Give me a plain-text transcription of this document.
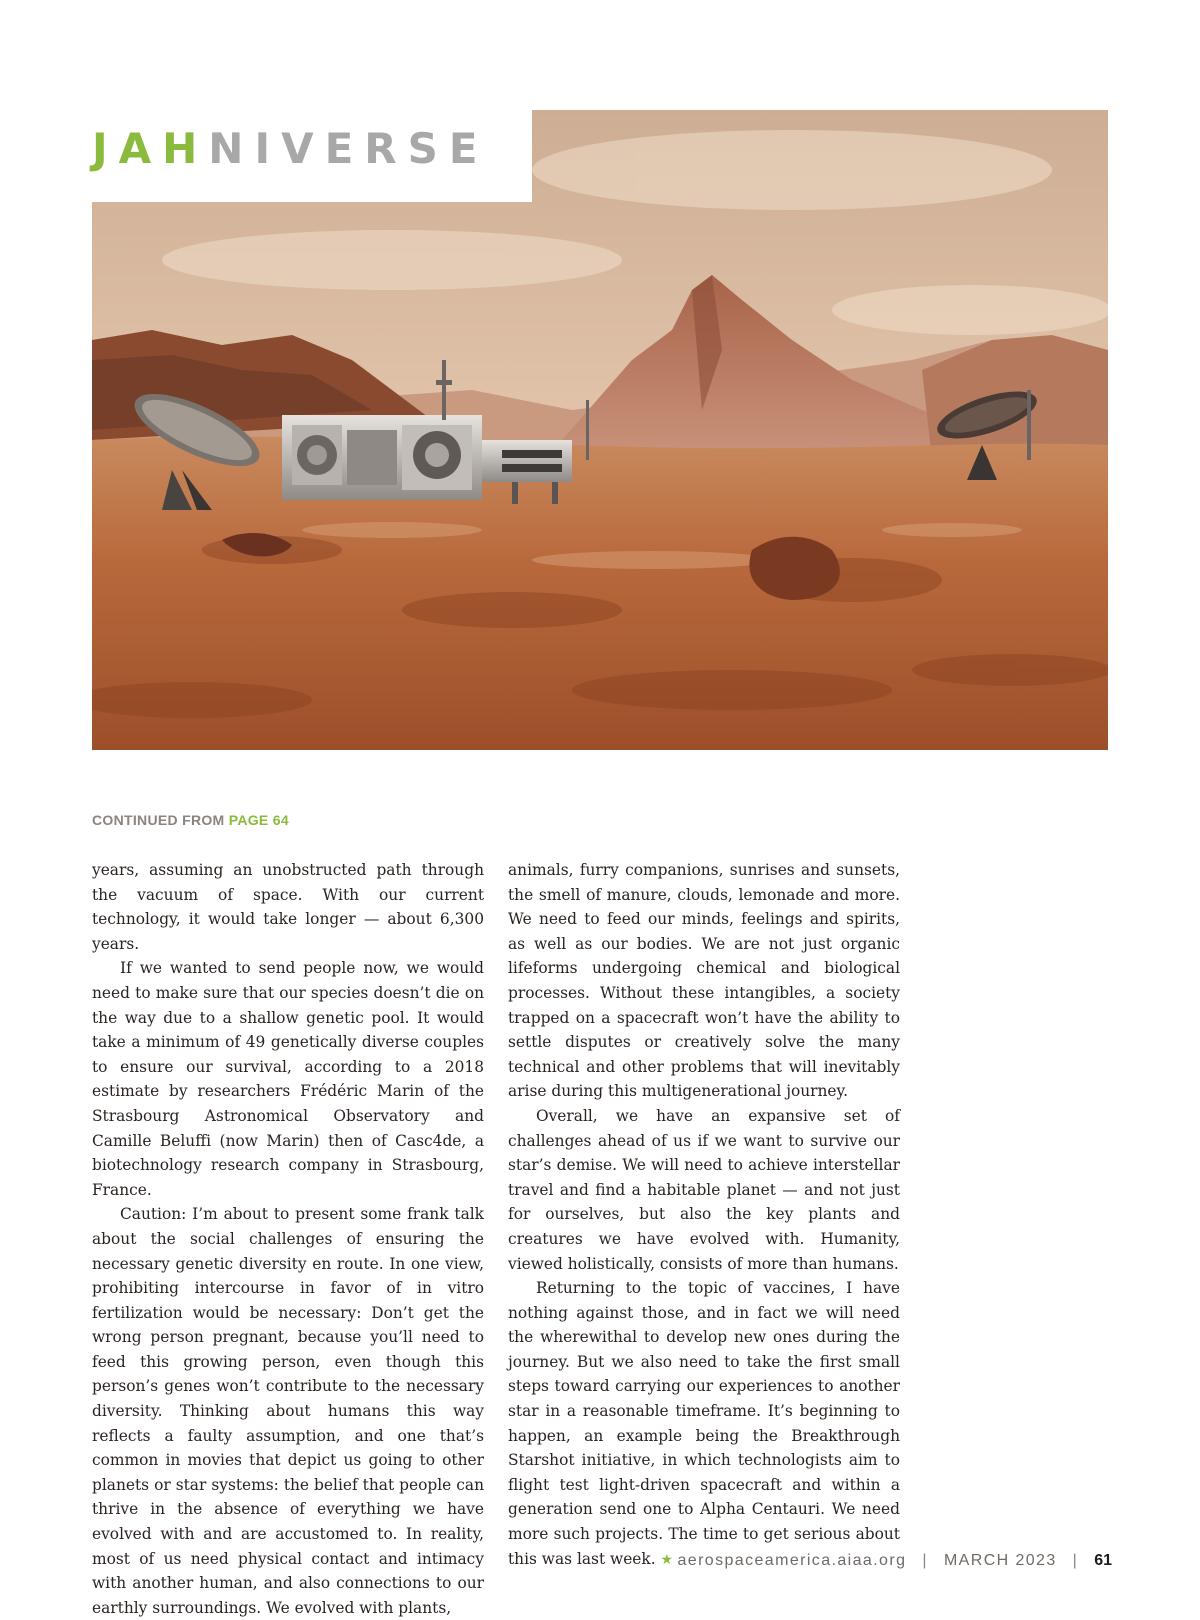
JAHNIVERSE
CONTINUED FROM PAGE 64

years, assuming an unobstructed path through the vacuum of space. With our current technology, it would take longer — about 6,300 years.

If we wanted to send people now, we would need to make sure that our species doesn’t die on the way due to a shallow genetic pool. It would take a minimum of 49 genetically diverse couples to ensure our survival, according to a 2018 estimate by researchers Frédéric Marin of the Strasbourg Astronomical Observatory and Camille Beluffi (now Marin) then of Casc4de, a biotechnology research company in Strasbourg, France.

Caution: I’m about to present some frank talk about the social challenges of ensuring the necessary genetic diversity en route. In one view, prohibiting intercourse in favor of in vitro fertilization would be necessary: Don’t get the wrong person pregnant, because you’ll need to feed this growing person, even though this person’s genes won’t contribute to the necessary diversity. Thinking about humans this way reflects a faulty assumption, and one that’s common in movies that depict us going to other planets or star systems: the belief that people can thrive in the absence of everything we have evolved with and are accustomed to. In reality, most of us need physical contact and intimacy with another human, and also connections to our earthly surroundings. We evolved with plants,

animals, furry companions, sunrises and sunsets, the smell of manure, clouds, lemonade and more. We need to feed our minds, feelings and spirits, as well as our bodies. We are not just organic lifeforms undergoing chemical and biological processes. Without these intangibles, a society trapped on a spacecraft won’t have the ability to settle disputes or creatively solve the many technical and other problems that will inevitably arise during this multigenerational journey.

Overall, we have an expansive set of challenges ahead of us if we want to survive our star’s demise. We will need to achieve interstellar travel and find a habitable planet — and not just for ourselves, but also the key plants and creatures we have evolved with. Humanity, viewed holistically, consists of more than humans.

Returning to the topic of vaccines, I have nothing against those, and in fact we will need the wherewithal to develop new ones during the journey. But we also need to take the first small steps toward carrying our experiences to another star in a reasonable timeframe. It’s beginning to happen, an example being the Breakthrough Starshot initiative, in which technologists aim to flight test light-driven spacecraft and within a generation send one to Alpha Centauri. We need more such projects. The time to get serious about this was last week. ★ aerospaceamerica.aiaa.org | MARCH 2023 | 61
